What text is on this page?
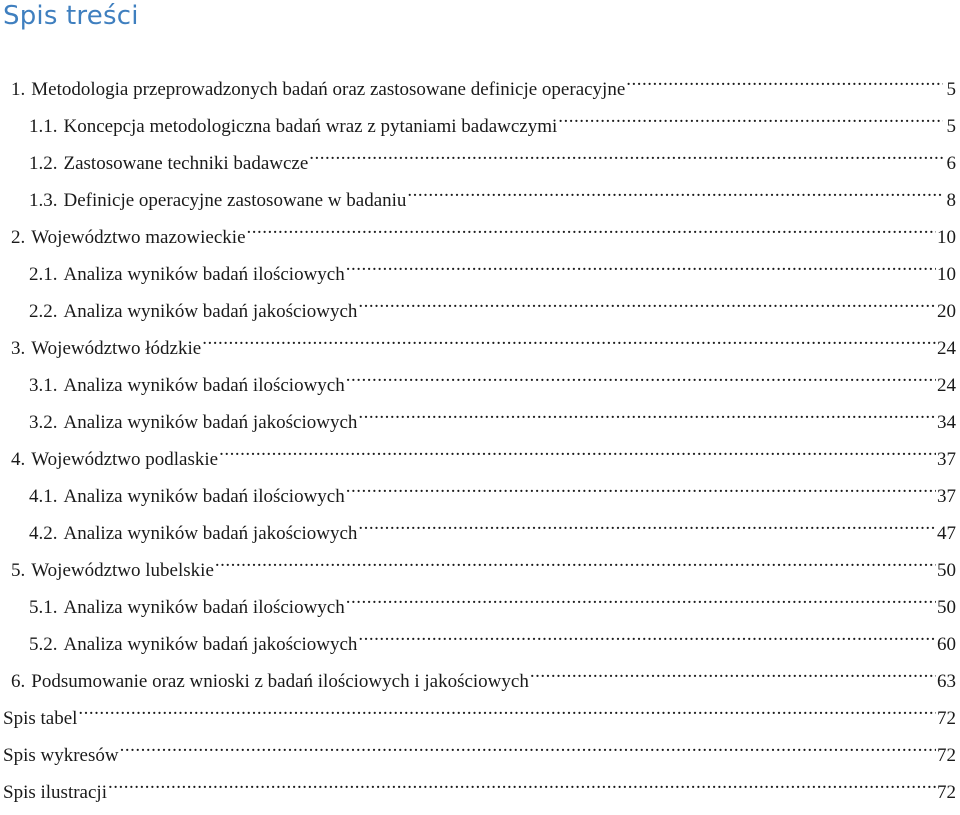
Spis treści
1. Metodologia przeprowadzonych badań oraz zastosowane definicje operacyjne .....	5
1.1. Koncepcja metodologiczna badań wraz z pytaniami badawczymi .....	5
1.2. Zastosowane techniki badawcze .....	6
1.3. Definicje operacyjne zastosowane w badaniu .....	8
2. Województwo mazowieckie .....	10
2.1. Analiza wyników badań ilościowych .....	10
2.2. Analiza wyników badań jakościowych .....	20
3. Województwo łódzkie .....	24
3.1. Analiza wyników badań ilościowych .....	24
3.2. Analiza wyników badań jakościowych .....	34
4. Województwo podlaskie .....	37
4.1. Analiza wyników badań ilościowych .....	37
4.2. Analiza wyników badań jakościowych .....	47
5. Województwo lubelskie .....	50
5.1. Analiza wyników badań ilościowych .....	50
5.2. Analiza wyników badań jakościowych .....	60
6. Podsumowanie oraz wnioski z badań ilościowych i jakościowych .....	63
Spis tabel .....	72
Spis wykresów .....	72
Spis ilustracji .....	72
